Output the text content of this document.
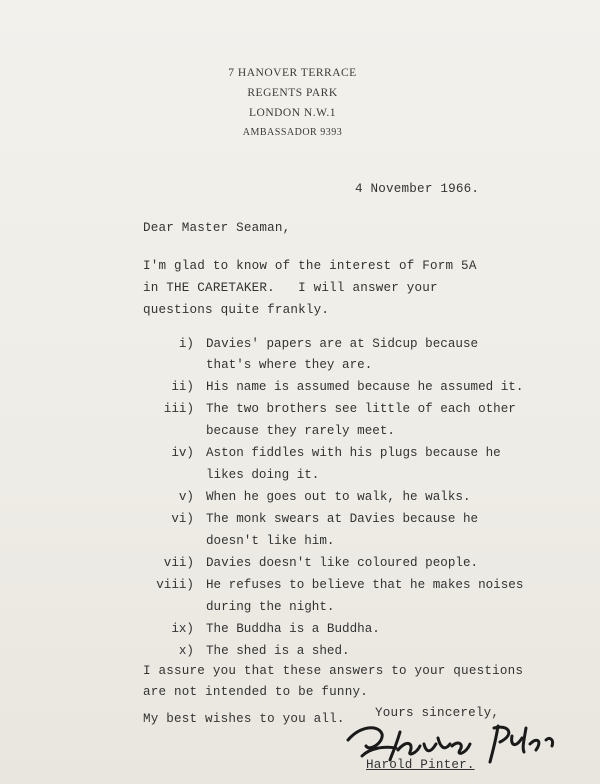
7 HANOVER TERRACE
REGENTS PARK
LONDON N.W.1
AMBASSADOR 9393
4 November 1966.
Dear Master Seaman,
I'm glad to know of the interest of Form 5A
in THE CARETAKER.   I will answer your
questions quite frankly.
i) Davies' papers are at Sidcup because
that's where they are.
ii) His name is assumed because he assumed it.
iii) The two brothers see little of each other
because they rarely meet.
iv) Aston fiddles with his plugs because he
likes doing it.
v) When he goes out to walk, he walks.
vi) The monk swears at Davies because he
doesn't like him.
vii) Davies doesn't like coloured people.
viii) He refuses to believe that he makes noises
during the night.
ix) The Buddha is a Buddha.
x) The shed is a shed.
I assure you that these answers to your questions
are not intended to be funny.
My best wishes to you all. Yours sincerely,
Harold Pinter.
